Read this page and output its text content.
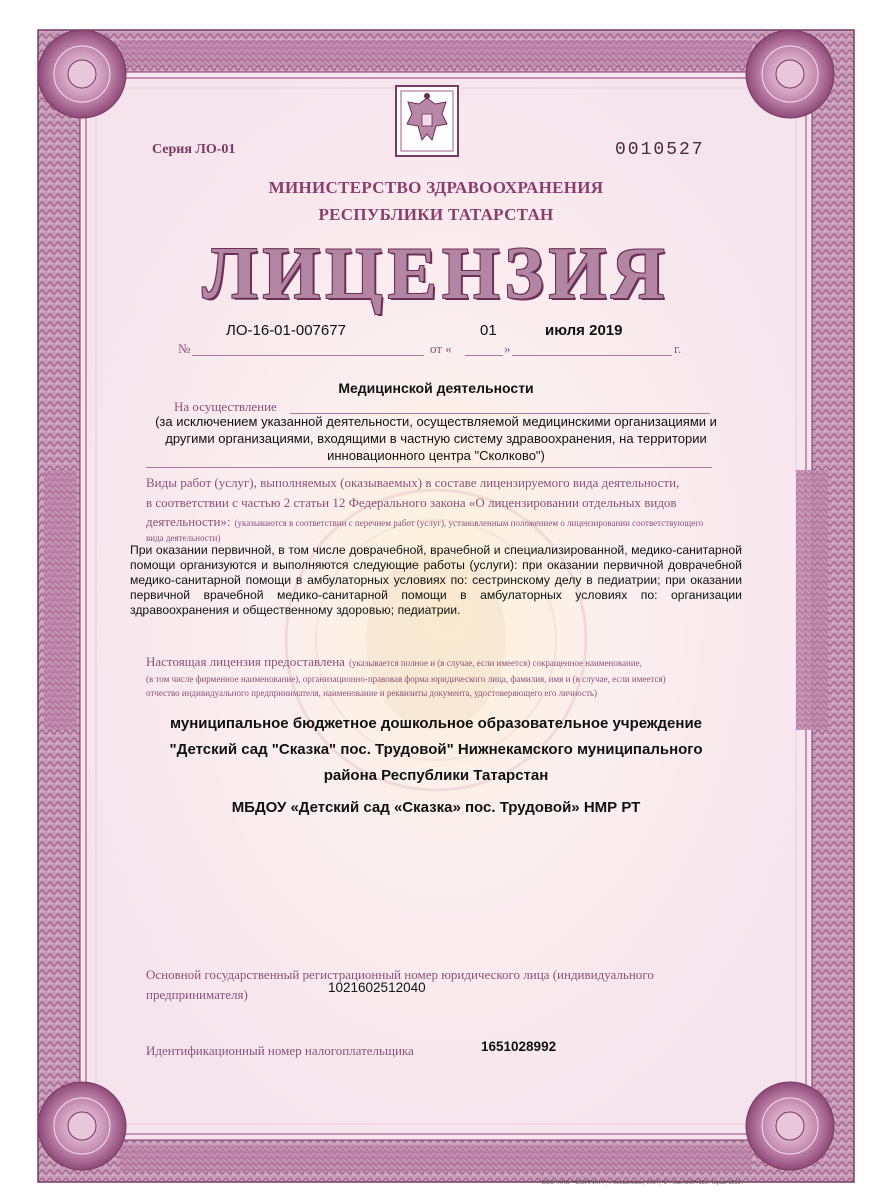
Серия ЛО-01	0010527
МИНИСТЕРСТВО ЗДРАВООХРАНЕНИЯ
РЕСПУБЛИКИ ТАТАРСТАН
ЛИЦЕНЗИЯ
№
ЛО-16-01-007677
от «
01
»
июля 2019
г.
Медицинской деятельности
На осуществление
(за исключением указанной деятельности, осуществляемой медицинскими организациями и другими организациями, входящими в частную систему здравоохранения, на территории инновационного центра "Сколково")
Виды работ (услуг), выполняемых (оказываемых) в составе лицензируемого вида деятельности,
в соответствии с частью 2 статьи 12 Федерального закона «О лицензировании отдельных видов
деятельности»: (указываются в соответствии с перечнем работ (услуг), установленным положением о лицензировании соответствующего вида деятельности)
При оказании первичной, в том числе доврачебной, врачебной и специализированной, медико-санитарной помощи организуются и выполняются следующие работы (услуги): при оказании первичной доврачебной медико-санитарной помощи в амбулаторных условиях по: сестринскому делу в педиатрии; при оказании первичной врачебной медико-санитарной помощи в амбулаторных условиях по: организации здравоохранения и общественному здоровью; педиатрии.
Настоящая лицензия предоставлена (указывается полное и (в случае, если имеется) сокращенное наименование,
(в том числе фирменное наименование), организационно-правовая форма юридического лица, фамилия, имя и (в случае, если имеется)
отчество индивидуального предпринимателя, наименование и реквизиты документа, удостоверяющего его личность)
муниципальное бюджетное дошкольное образовательное учреждение
"Детский сад "Сказка" пос. Трудовой" Нижнекамского муниципального
района Республики Татарстан
МБДОУ «Детский сад «Сказка» пос. Трудовой» НМР РТ
Основной государственный регистрационный номер юридического лица (индивидуального
предпринимателя)	1021602512040
Идентификационный номер налогоплательщика	1651028992
ООО "НПО "ЧЕОПРИНТ", г. Всеволожск, 2017, "Б". Зак.№СП-323. Тираж 1250.
